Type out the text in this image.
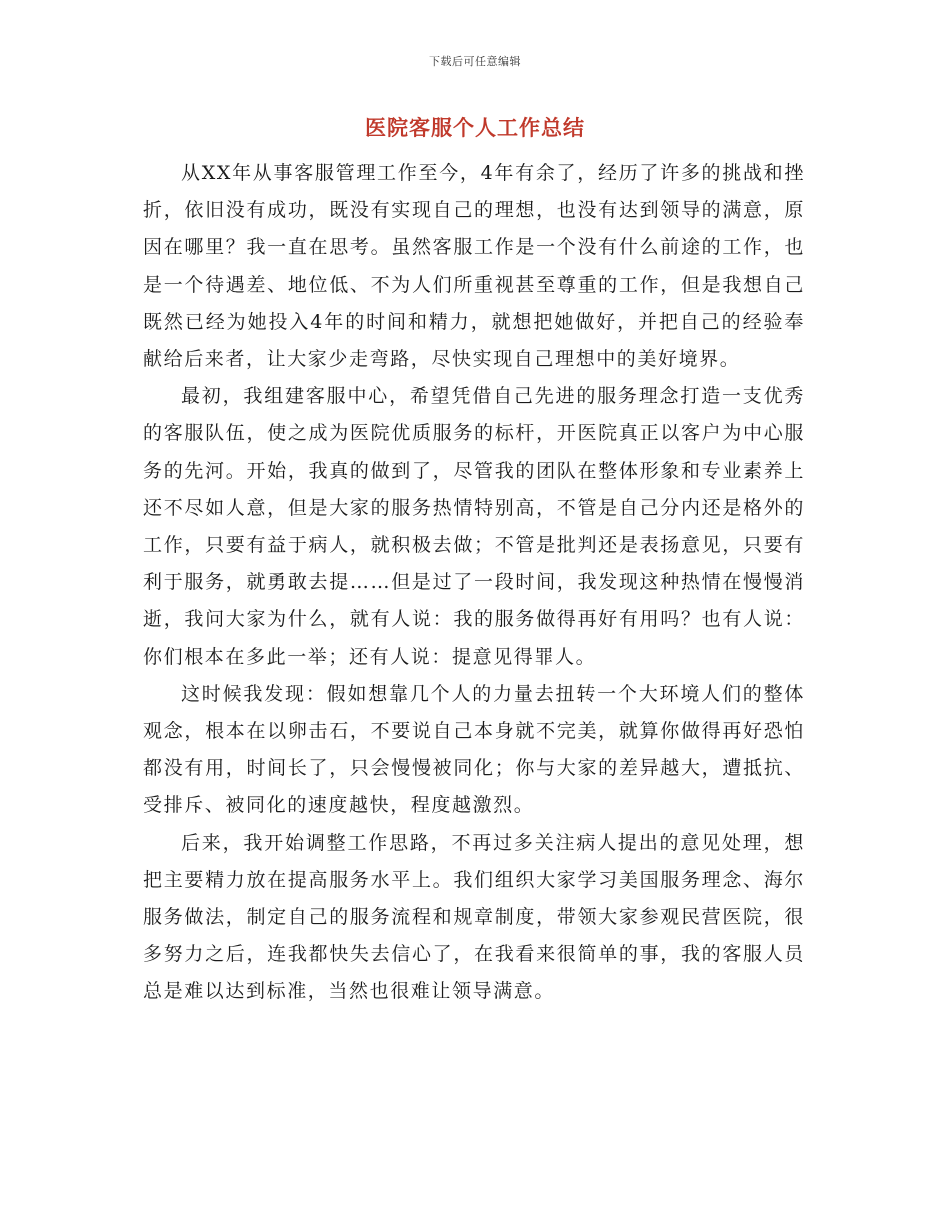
下载后可任意编辑
医院客服个人工作总结

从XX年从事客服管理工作至今，4年有余了，经历了许多的挑战和挫折，依旧没有成功，既没有实现自己的理想，也没有达到领导的满意，原因在哪里？我一直在思考。虽然客服工作是一个没有什么前途的工作，也是一个待遇差、地位低、不为人们所重视甚至尊重的工作，但是我想自己既然已经为她投入4年的时间和精力，就想把她做好，并把自己的经验奉献给后来者，让大家少走弯路，尽快实现自己理想中的美好境界。

最初，我组建客服中心，希望凭借自己先进的服务理念打造一支优秀的客服队伍，使之成为医院优质服务的标杆，开医院真正以客户为中心服务的先河。开始，我真的做到了，尽管我的团队在整体形象和专业素养上还不尽如人意，但是大家的服务热情特别高，不管是自己分内还是格外的工作，只要有益于病人，就积极去做；不管是批判还是表扬意见，只要有利于服务，就勇敢去提……但是过了一段时间，我发现这种热情在慢慢消逝，我问大家为什么，就有人说：我的服务做得再好有用吗？也有人说：你们根本在多此一举；还有人说：提意见得罪人。

这时候我发现：假如想靠几个人的力量去扭转一个大环境人们的整体观念，根本在以卵击石，不要说自己本身就不完美，就算你做得再好恐怕都没有用，时间长了，只会慢慢被同化；你与大家的差异越大，遭抵抗、受排斥、被同化的速度越快，程度越激烈。

后来，我开始调整工作思路，不再过多关注病人提出的意见处理，想把主要精力放在提高服务水平上。我们组织大家学习美国服务理念、海尔服务做法，制定自己的服务流程和规章制度，带领大家参观民营医院，很多努力之后，连我都快失去信心了，在我看来很简单的事，我的客服人员总是难以达到标准，当然也很难让领导满意。
